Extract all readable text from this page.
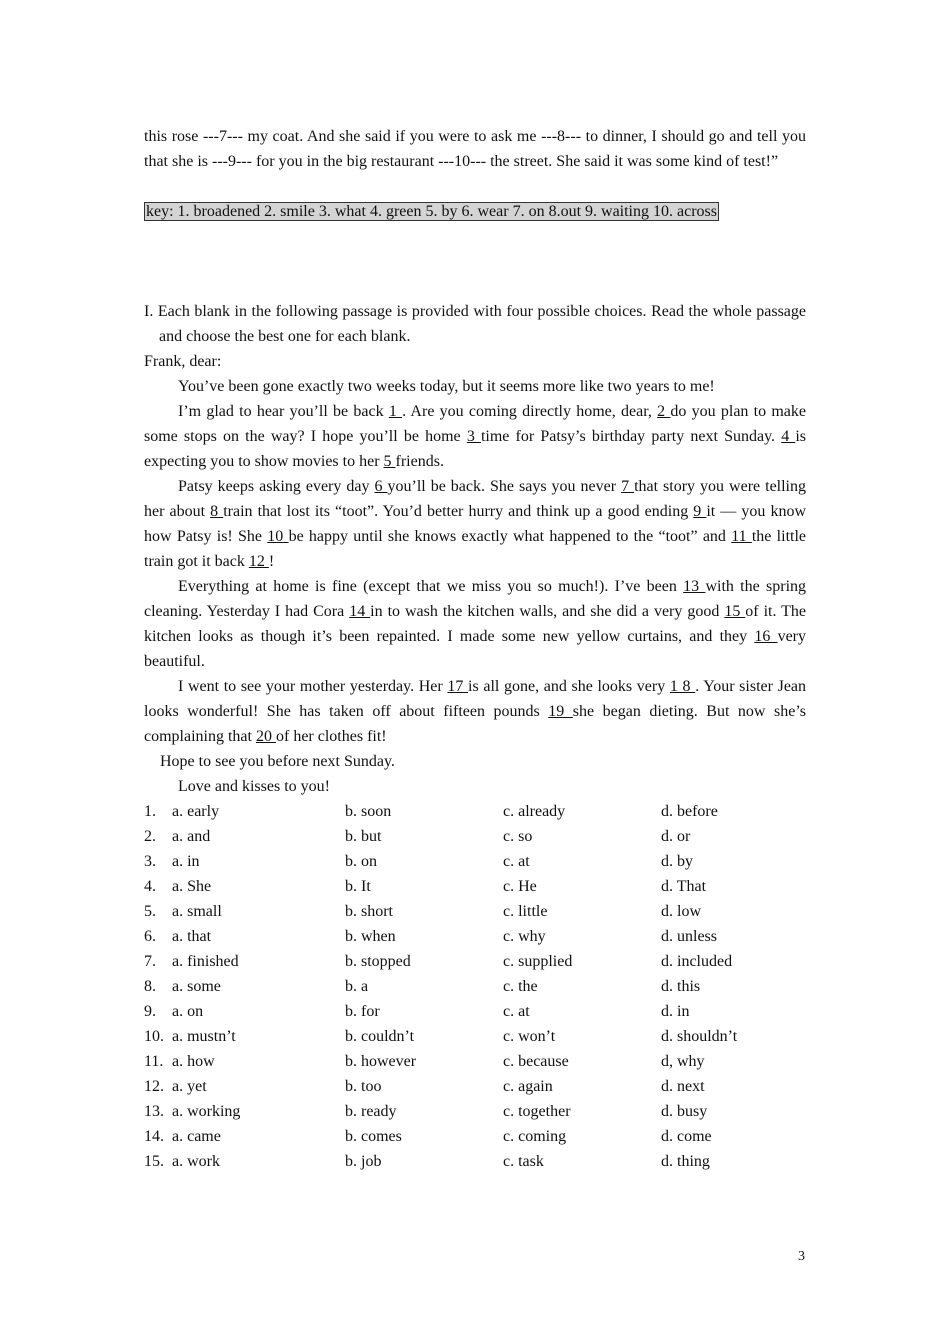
this rose ---7--- my coat. And she said if you were to ask me ---8--- to dinner, I should go and tell you that she is ---9--- for you in the big restaurant ---10--- the street. She said it was some kind of test!”

key: 1. broadened 2. smile 3. what 4. green 5. by 6. wear 7. on 8.out 9. waiting 10. across

I. Each blank in the following passage is provided with four possible choices. Read the whole passage and choose the best one for each blank.

Frank, dear:

You’ve been gone exactly two weeks today, but it seems more like two years to me!

I’m glad to hear you’ll be back 1 . Are you coming directly home, dear, 2 do you plan to make some stops on the way? I hope you’ll be home 3 time for Patsy’s birthday party next Sunday. 4 is expecting you to show movies to her 5 friends.

Patsy keeps asking every day 6 you’ll be back. She says you never 7 that story you were telling her about 8 train that lost its “toot”. You’d better hurry and think up a good ending 9 it — you know how Patsy is! She 10 be happy until she knows exactly what happened to the “toot” and 11 the little train got it back 12 !

Everything at home is fine (except that we miss you so much!). I’ve been 13 with the spring cleaning. Yesterday I had Cora 14 in to wash the kitchen walls, and she did a very good 15 of it. The kitchen looks as though it’s been repainted. I made some new yellow curtains, and they 16 very beautiful.

I went to see your mother yesterday. Her 17 is all gone, and she looks very 1 8 . Your sister Jean looks wonderful! She has taken off about fifteen pounds 19 she began dieting. But now she’s complaining that 20 of her clothes fit!

Hope to see you before next Sunday.

Love and kisses to you!

1.	a. early	b. soon	c. already	d. before
2.	a. and	b. but	c. so	d. or
3.	a. in	b. on	c. at	d. by
4.	a. She	b. It	c. He	d. That
5.	a. small	b. short	c. little	d. low
6.	a. that	b. when	c. why	d. unless
7.	a. finished	b. stopped	c. supplied	d. included
8.	a. some	b. a	c. the	d. this
9.	a. on	b. for	c. at	d. in
10. a. mustn’t	b. couldn’t	c. won’t	d. shouldn’t
11. a. how	b. however	c. because	d, why
12. a. yet	b. too	c. again	d. next
13. a. working	b. ready	c. together	d. busy
14. a. came	b. comes	c. coming	d. come
15. a. work	b. job	c. task	d. thing
3
